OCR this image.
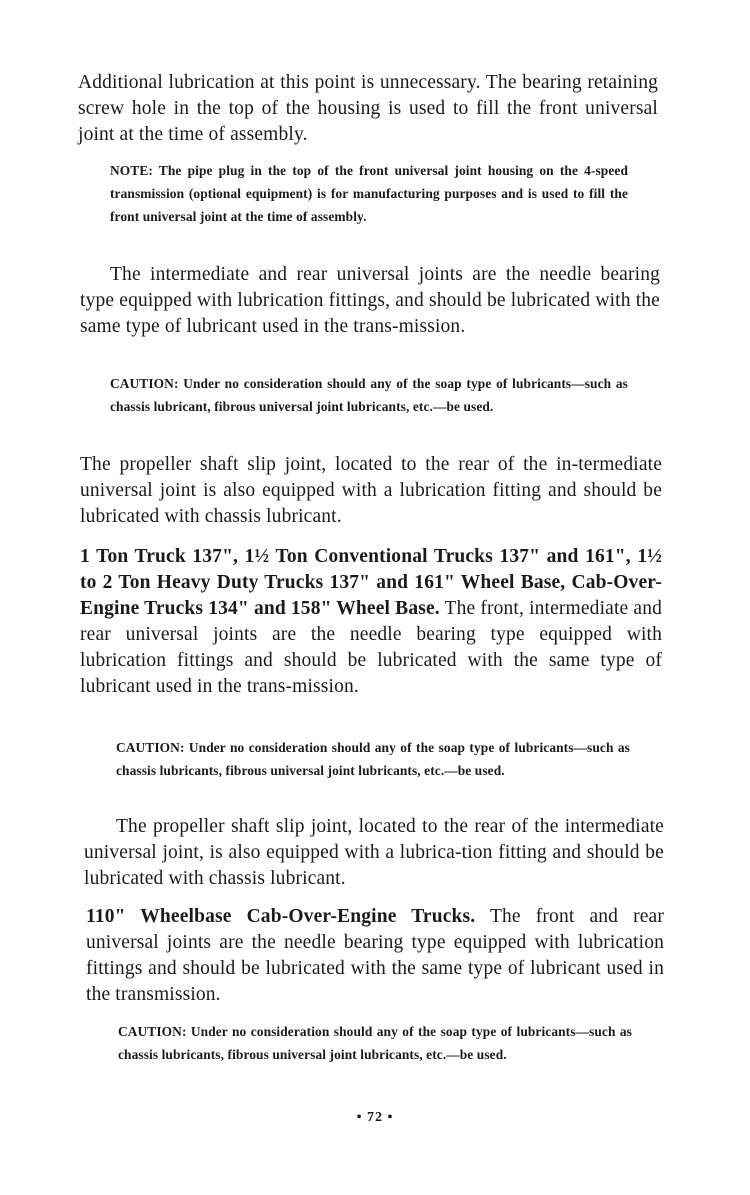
Additional lubrication at this point is unnecessary. The bearing retaining screw hole in the top of the housing is used to fill the front universal joint at the time of assembly.

NOTE: The pipe plug in the top of the front universal joint housing on the 4-speed transmission (optional equipment) is for manufacturing purposes and is used to fill the front universal joint at the time of assembly.

The intermediate and rear universal joints are the needle bearing type equipped with lubrication fittings, and should be lubricated with the same type of lubricant used in the trans-mission.

CAUTION: Under no consideration should any of the soap type of lubricants—such as chassis lubricant, fibrous universal joint lubricants, etc.—be used.

The propeller shaft slip joint, located to the rear of the in-termediate universal joint is also equipped with a lubrication fitting and should be lubricated with chassis lubricant.

1 Ton Truck 137", 1½ Ton Conventional Trucks 137" and 161", 1½ to 2 Ton Heavy Duty Trucks 137" and 161" Wheel Base, Cab-Over-Engine Trucks 134" and 158" Wheel Base. The front, intermediate and rear universal joints are the needle bearing type equipped with lubrication fittings and should be lubricated with the same type of lubricant used in the trans-mission.

CAUTION: Under no consideration should any of the soap type of lubricants—such as chassis lubricants, fibrous universal joint lubricants, etc.—be used.

The propeller shaft slip joint, located to the rear of the intermediate universal joint, is also equipped with a lubrica-tion fitting and should be lubricated with chassis lubricant.

110" Wheelbase Cab-Over-Engine Trucks. The front and rear universal joints are the needle bearing type equipped with lubrication fittings and should be lubricated with the same type of lubricant used in the transmission.

CAUTION: Under no consideration should any of the soap type of lubricants—such as chassis lubricants, fibrous universal joint lubricants, etc.—be used.

• 72 •
